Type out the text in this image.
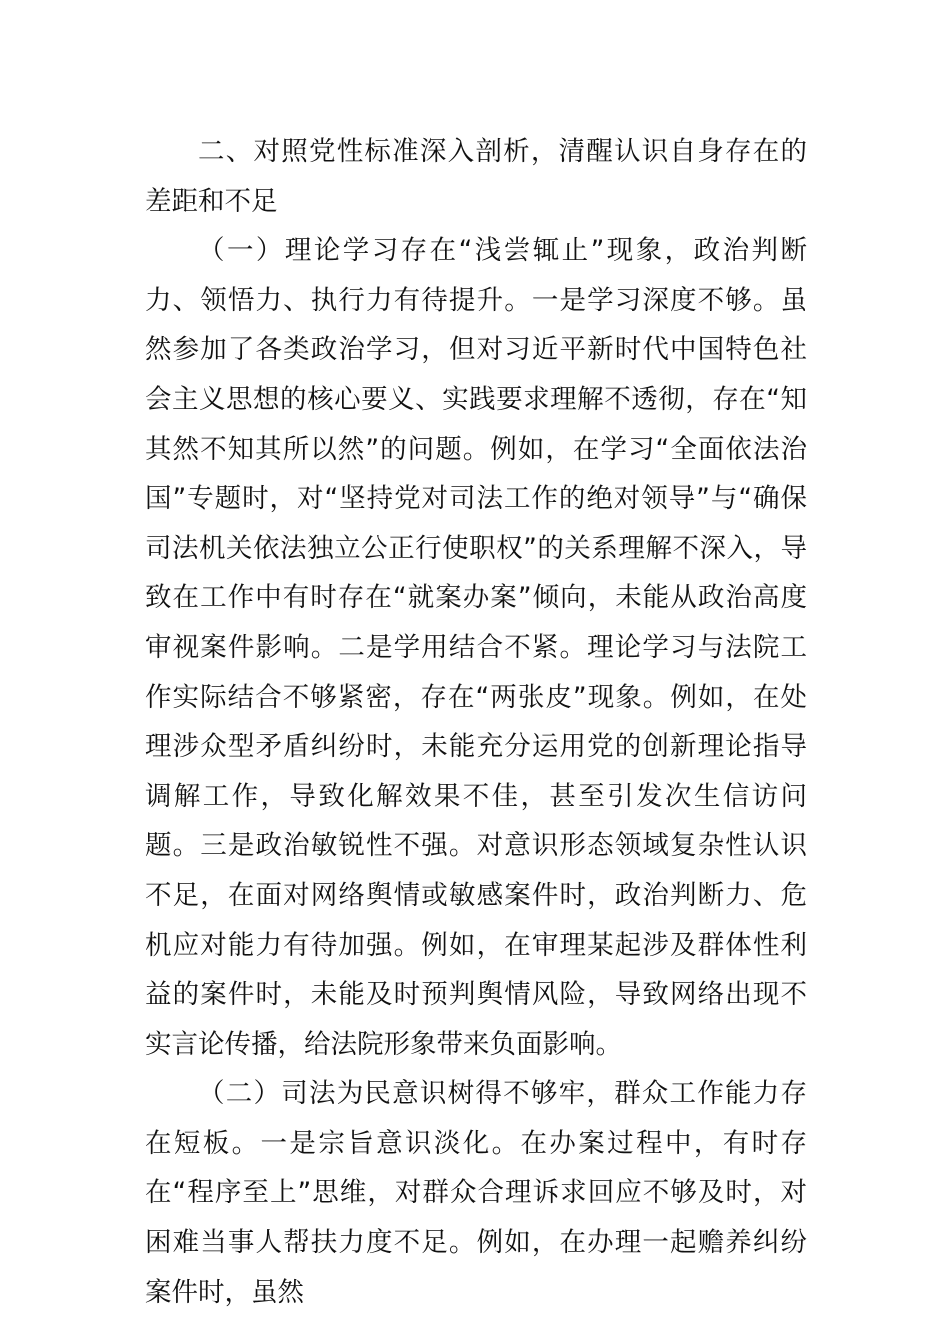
二、对照党性标准深入剖析，清醒认识自身存在的差距和不足

（一）理论学习存在“浅尝辄止”现象，政治判断力、领悟力、执行力有待提升。一是学习深度不够。虽然参加了各类政治学习，但对习近平新时代中国特色社会主义思想的核心要义、实践要求理解不透彻，存在“知其然不知其所以然”的问题。例如，在学习“全面依法治国”专题时，对“坚持党对司法工作的绝对领导”与“确保司法机关依法独立公正行使职权”的关系理解不深入，导致在工作中有时存在“就案办案”倾向，未能从政治高度审视案件影响。二是学用结合不紧。理论学习与法院工作实际结合不够紧密，存在“两张皮”现象。例如，在处理涉众型矛盾纠纷时，未能充分运用党的创新理论指导调解工作，导致化解效果不佳，甚至引发次生信访问题。三是政治敏锐性不强。对意识形态领域复杂性认识不足，在面对网络舆情或敏感案件时，政治判断力、危机应对能力有待加强。例如，在审理某起涉及群体性利益的案件时，未能及时预判舆情风险，导致网络出现不实言论传播，给法院形象带来负面影响。

（二）司法为民意识树得不够牢，群众工作能力存在短板。一是宗旨意识淡化。在办案过程中，有时存在“程序至上”思维，对群众合理诉求回应不够及时，对困难当事人帮扶力度不足。例如，在办理一起赡养纠纷案件时，虽然
